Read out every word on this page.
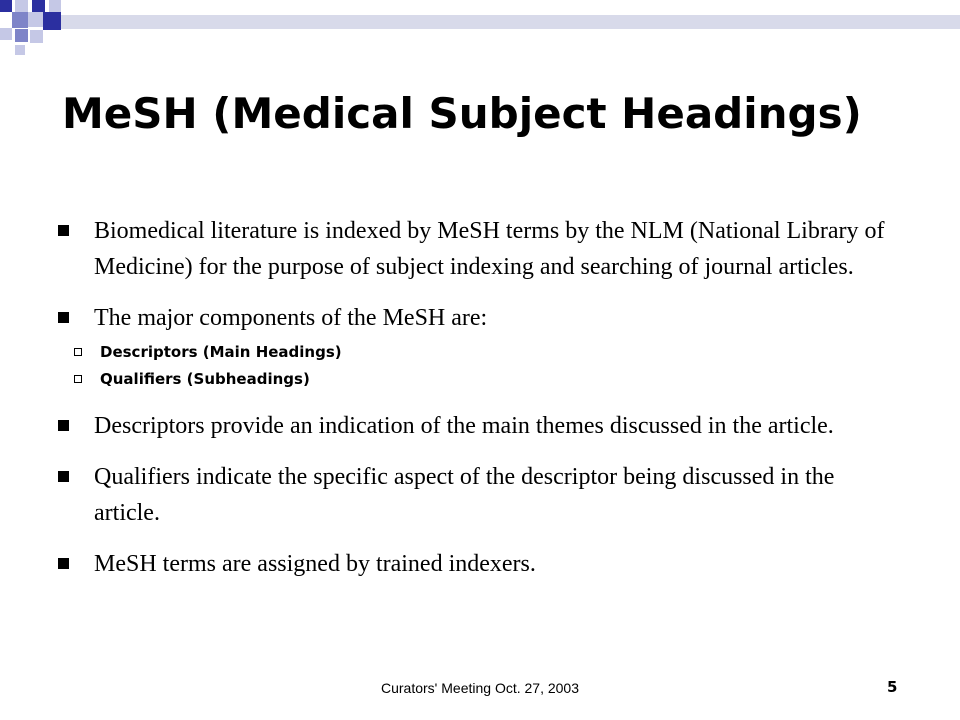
MeSH (Medical Subject Headings)
Biomedical literature is indexed by MeSH terms by the NLM (National Library of Medicine) for the purpose of subject indexing and searching of journal articles.
The major components of the MeSH are:
Descriptors (Main Headings)
Qualifiers (Subheadings)
Descriptors provide an indication of the main themes discussed in the article.
Qualifiers indicate the specific aspect of the descriptor being discussed in the article.
MeSH terms are assigned by trained indexers.
Curators' Meeting Oct. 27, 2003	5
